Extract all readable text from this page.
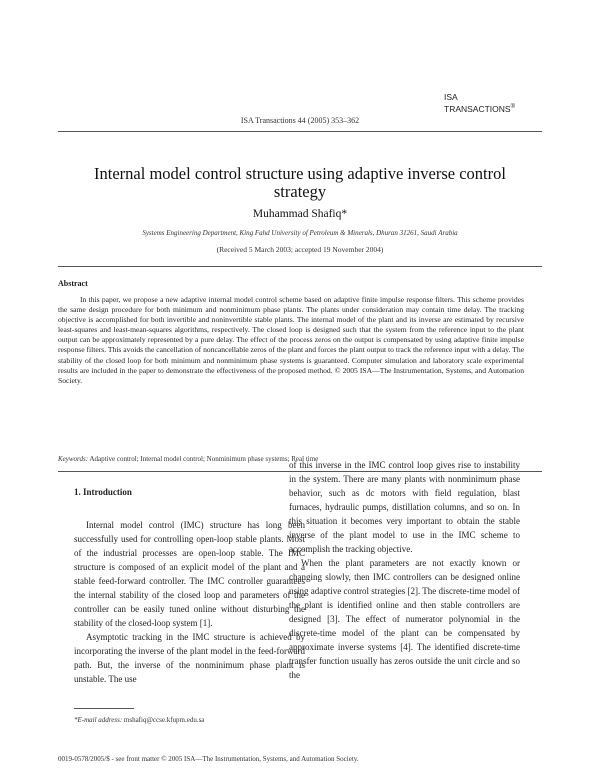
ISA
TRANSACTIONS®
ISA Transactions 44 (2005) 353–362
Internal model control structure using adaptive inverse control strategy
Muhammad Shafiq*
Systems Engineering Department, King Fahd University of Petroleum & Minerals, Dhuran 31261, Saudi Arabia
(Received 5 March 2003; accepted 19 November 2004)
Abstract

In this paper, we propose a new adaptive internal model control scheme based on adaptive finite impulse response filters. This scheme provides the same design procedure for both minimum and nonminimum phase plants. The plants under consideration may contain time delay. The tracking objective is accomplished for both invertible and noninvertible stable plants. The internal model of the plant and its inverse are estimated by recursive least-squares and least-mean-squares algorithms, respectively. The closed loop is designed such that the system from the reference input to the plant output can be approximately represented by a pure delay. The effect of the process zeros on the output is compensated by using adaptive finite impulse response filters. This avoids the cancellation of noncancellable zeros of the plant and forces the plant output to track the reference input with a delay. The stability of the closed loop for both minimum and nonminimum phase systems is guaranteed. Computer simulation and laboratory scale experimental results are included in the paper to demonstrate the effectiveness of the proposed method. © 2005 ISA—The Instrumentation, Systems, and Automation Society.

Keywords: Adaptive control; Internal model control; Nonminimum phase systems; Real time
1. Introduction

Internal model control (IMC) structure has long been successfully used for controlling open-loop stable plants. Most of the industrial processes are open-loop stable. The IMC structure is composed of an explicit model of the plant and a stable feed-forward controller. The IMC controller guarantees the internal stability of the closed loop and parameters of the controller can be easily tuned online without disturbing the stability of the closed-loop system [1].

Asymptotic tracking in the IMC structure is achieved by incorporating the inverse of the plant model in the feed-forward path. But, the inverse of the nonminimum phase plant is unstable. The use

of this inverse in the IMC control loop gives rise to instability in the system. There are many plants with nonminimum phase behavior, such as dc motors with field regulation, blast furnaces, hydraulic pumps, distillation columns, and so on. In this situation it becomes very important to obtain the stable inverse of the plant model to use in the IMC scheme to accomplish the tracking objective.

When the plant parameters are not exactly known or changing slowly, then IMC controllers can be designed online using adaptive control strategies [2]. The discrete-time model of the plant is identified online and then stable controllers are designed [3]. The effect of numerator polynomial in the discrete-time model of the plant can be compensated by approximate inverse systems [4]. The identified discrete-time transfer function usually has zeros outside the unit circle and so the

*E-mail address: mshafiq@ccse.kfupm.edu.sa
0019-0578/2005/$ - see front matter © 2005 ISA—The Instrumentation, Systems, and Automation Society.
